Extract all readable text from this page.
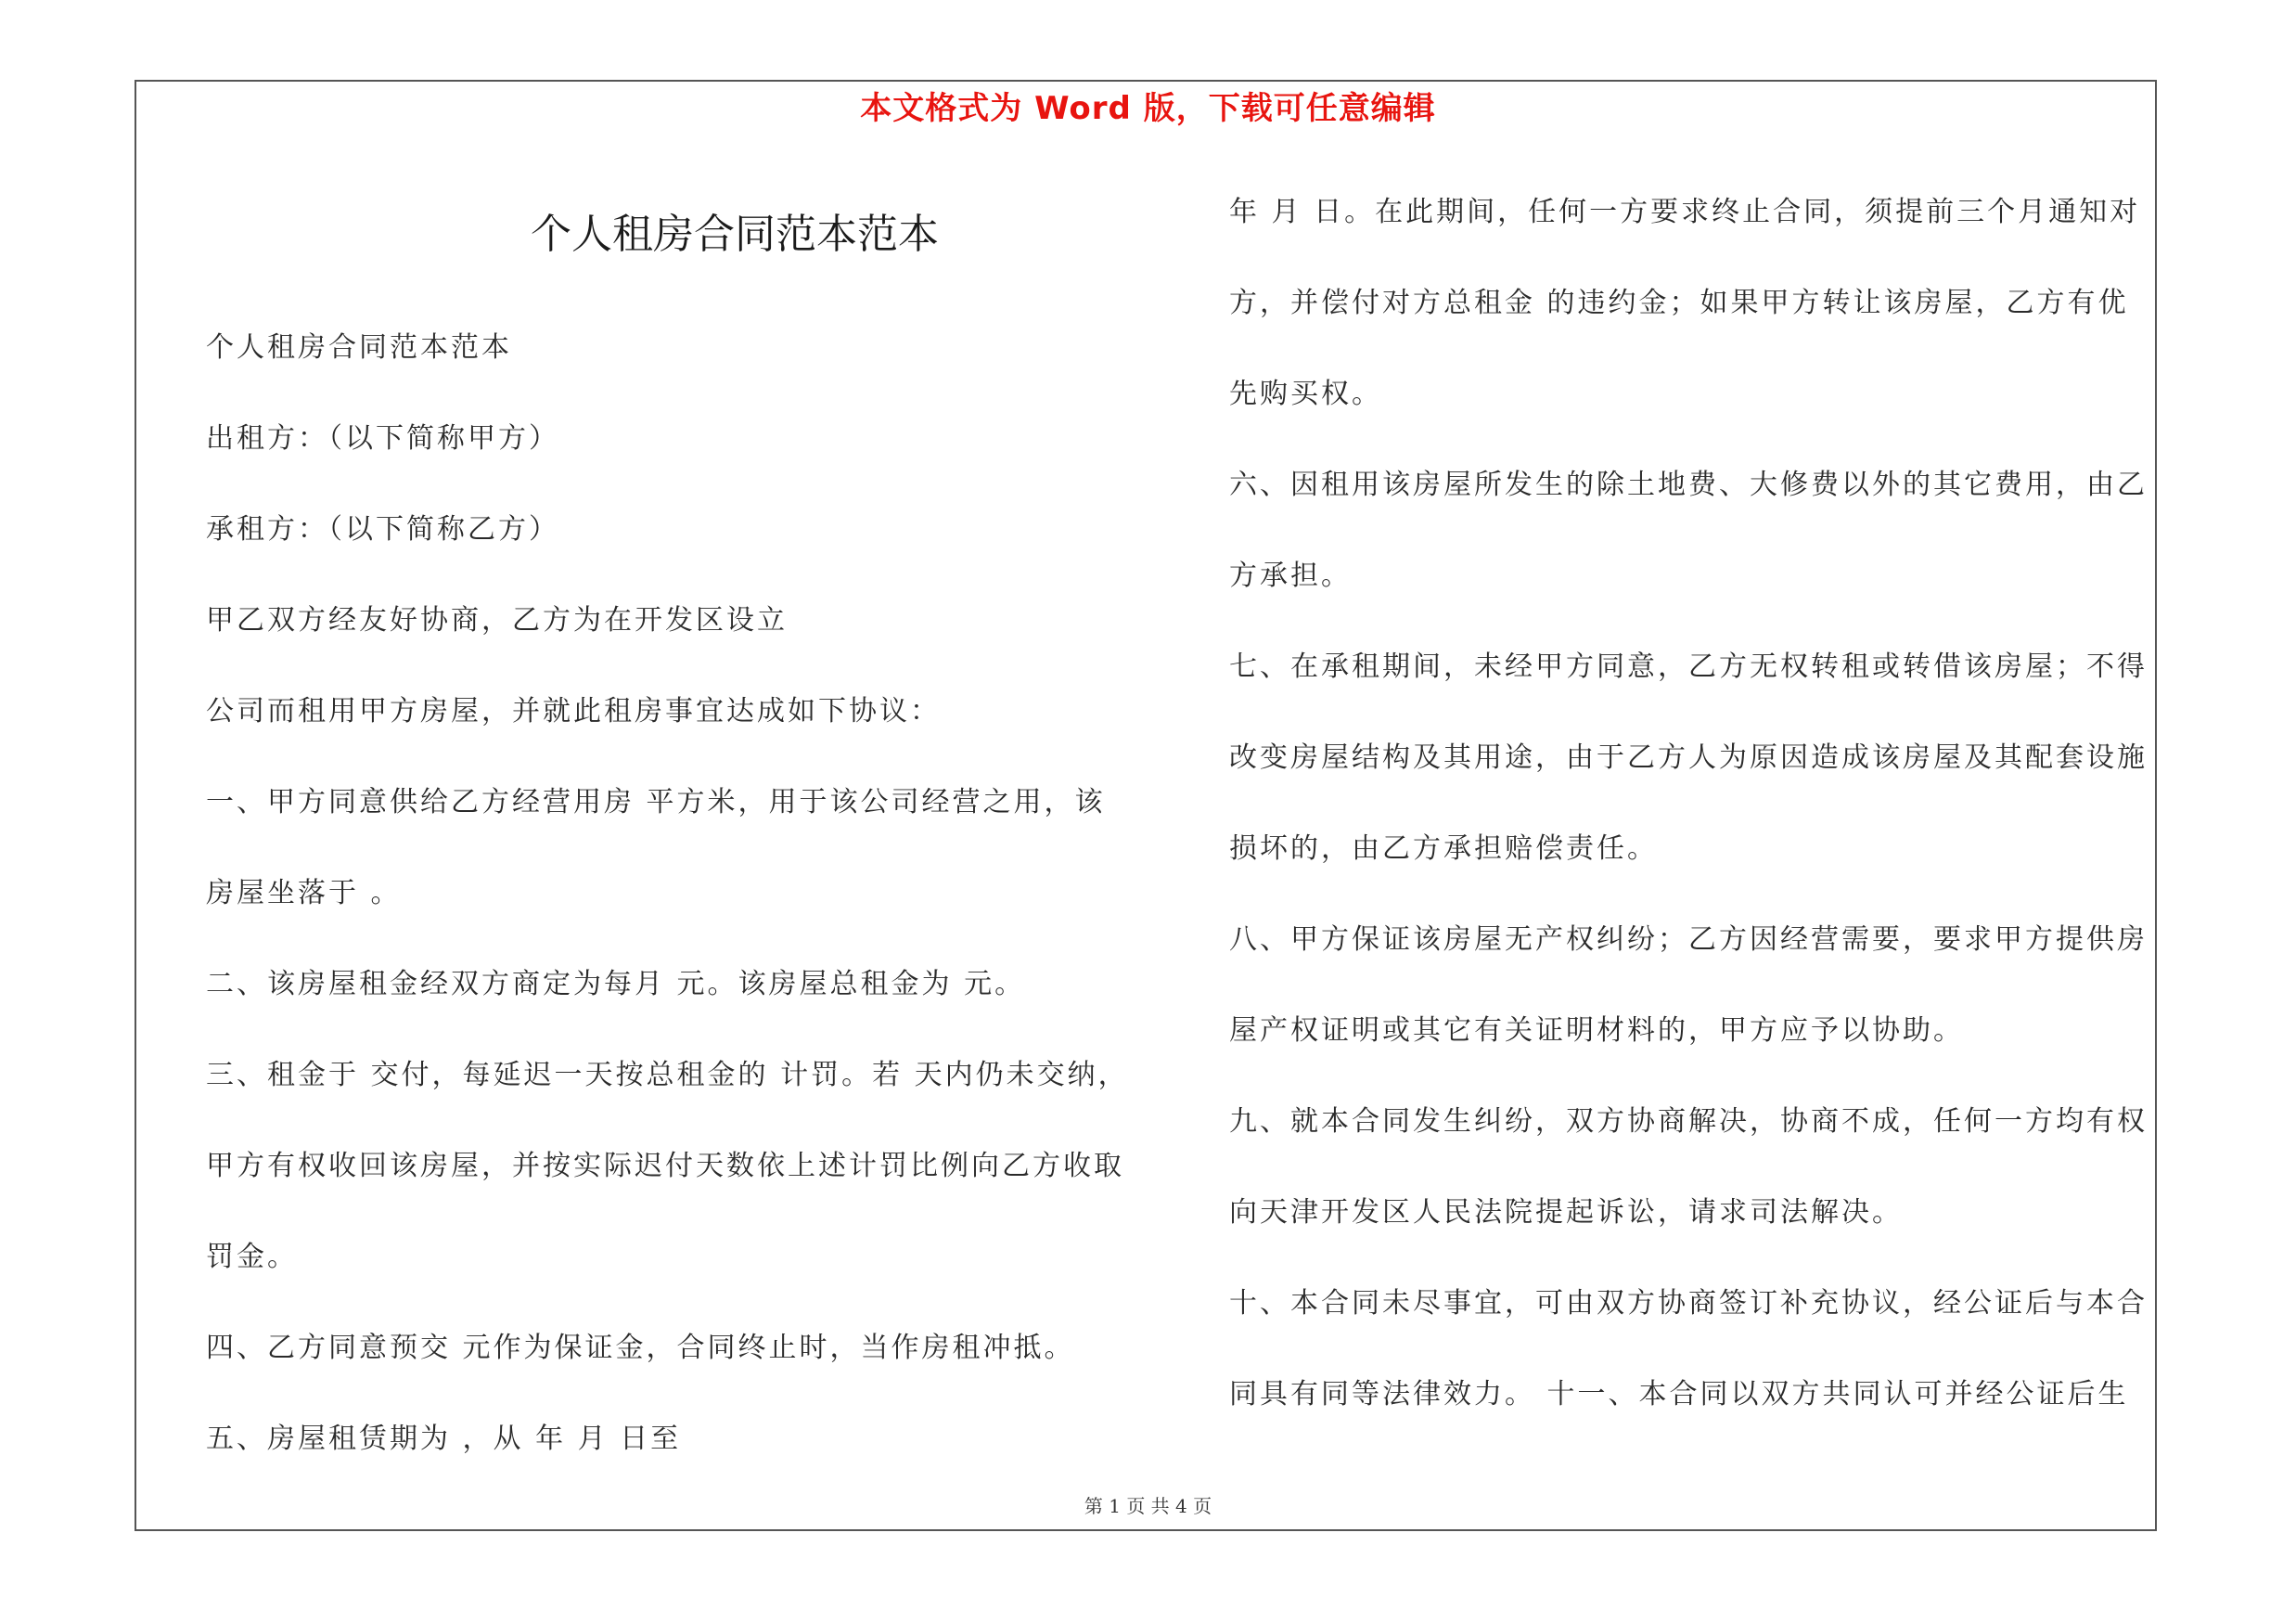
本文格式为 Word 版，下载可任意编辑
个人租房合同范本范本
个人租房合同范本范本
出租方：（以下简称甲方）
承租方：（以下简称乙方）
甲乙双方经友好协商，乙方为在开发区设立
公司而租用甲方房屋，并就此租房事宜达成如下协议：
一、甲方同意供给乙方经营用房 平方米，用于该公司经营之用，该
房屋坐落于 。
二、该房屋租金经双方商定为每月 元。该房屋总租金为 元。
三、租金于 交付，每延迟一天按总租金的 计罚。若 天内仍未交纳，
甲方有权收回该房屋，并按实际迟付天数依上述计罚比例向乙方收取
罚金。
四、乙方同意预交 元作为保证金，合同终止时，当作房租冲抵。
五、房屋租赁期为 ，从 年 月 日至
年 月 日。在此期间，任何一方要求终止合同，须提前三个月通知对
方，并偿付对方总租金 的违约金；如果甲方转让该房屋，乙方有优
先购买权。
六、因租用该房屋所发生的除土地费、大修费以外的其它费用，由乙
方承担。
七、在承租期间，未经甲方同意，乙方无权转租或转借该房屋；不得
改变房屋结构及其用途，由于乙方人为原因造成该房屋及其配套设施
损坏的，由乙方承担赔偿责任。
八、甲方保证该房屋无产权纠纷；乙方因经营需要，要求甲方提供房
屋产权证明或其它有关证明材料的，甲方应予以协助。
九、就本合同发生纠纷，双方协商解决，协商不成，任何一方均有权
向天津开发区人民法院提起诉讼，请求司法解决。
十、本合同未尽事宜，可由双方协商签订补充协议，经公证后与本合
同具有同等法律效力。 十一、本合同以双方共同认可并经公证后生
第 1 页 共 4 页
